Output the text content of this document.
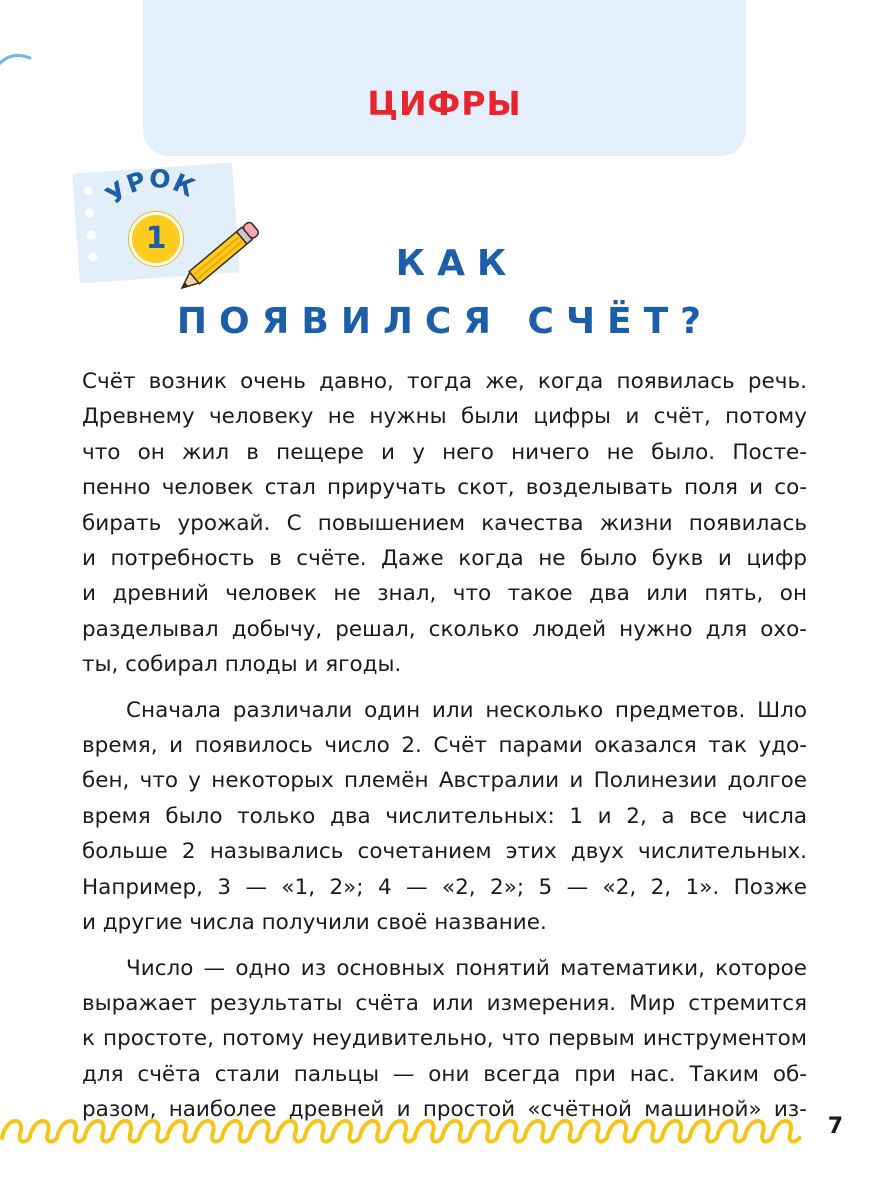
ЦИФРЫ
УРОК
1
КАК
ПОЯВИЛСЯ СЧЁТ?
Счёт возник очень давно, тогда же, когда появилась речь.
Древнему человеку не нужны были цифры и счёт, потому
что он жил в пещере и у него ничего не было. Посте-
пенно человек стал приручать скот, возделывать поля и со-
бирать урожай. С повышением качества жизни появилась
и потребность в счёте. Даже когда не было букв и цифр
и древний человек не знал, что такое два или пять, он
разделывал добычу, решал, сколько людей нужно для охо-
ты, собирал плоды и ягоды.
Сначала различали один или несколько предметов. Шло
время, и появилось число 2. Счёт парами оказался так удо-
бен, что у некоторых племён Австралии и Полинезии долгое
время было только два числительных: 1 и 2, а все числа
больше 2 назывались сочетанием этих двух числительных.
Например, 3 — «1, 2»; 4 — «2, 2»; 5 — «2, 2, 1». Позже
и другие числа получили своё название.
Число — одно из основных понятий математики, которое
выражает результаты счёта или измерения. Мир стремится
к простоте, потому неудивительно, что первым инструментом
для счёта стали пальцы — они всегда при нас. Таким об-
разом, наиболее древней и простой «счётной машиной» из-
7
